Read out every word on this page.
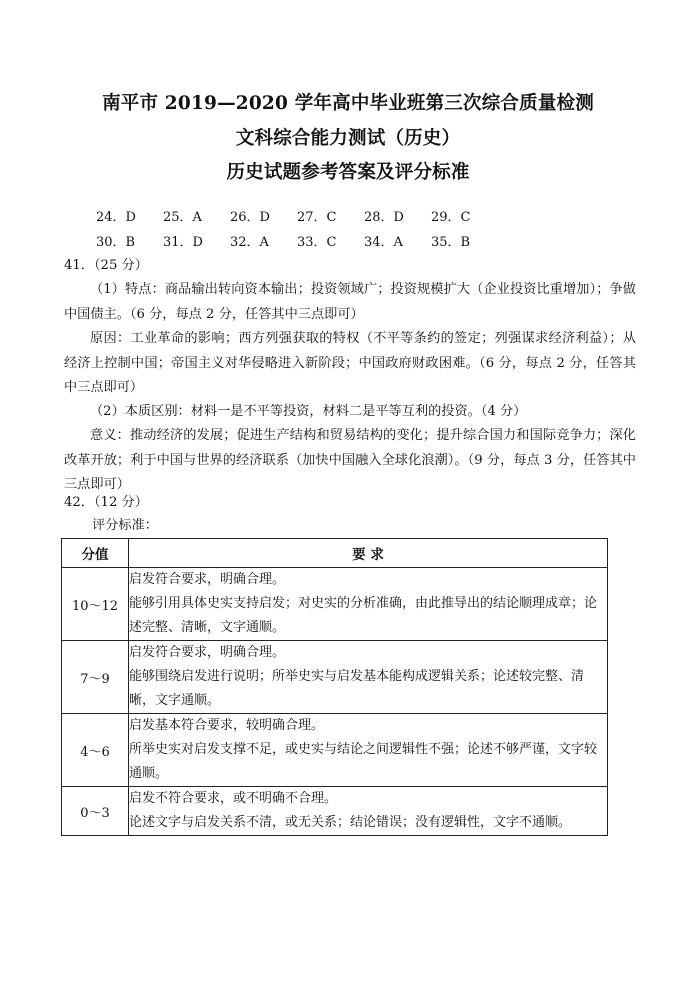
南平市 2019—2020 学年高中毕业班第三次综合质量检测
文科综合能力测试（历史）
历史试题参考答案及评分标准
24．D 25．A 26．D 27．C 28．D 29．C
30．B 31．D 32．A 33．C 34．A 35．B
41．（25 分）
（1）特点：商品输出转向资本输出；投资领域广；投资规模扩大（企业投资比重增加）；争做中国债主。（6 分，每点 2 分，任答其中三点即可）
原因：工业革命的影响；西方列强获取的特权（不平等条约的签定；列强谋求经济利益）；从经济上控制中国；帝国主义对华侵略进入新阶段；中国政府财政困难。（6 分，每点 2 分，任答其中三点即可）
（2）本质区别：材料一是不平等投资，材料二是平等互利的投资。（4 分）
意义：推动经济的发展；促进生产结构和贸易结构的变化；提升综合国力和国际竞争力；深化改革开放；利于中国与世界的经济联系（加快中国融入全球化浪潮）。（9 分，每点 3 分，任答其中三点即可）
42．（12 分）
评分标准：
分值	要 求
10～12	启发符合要求，明确合理。
能够引用具体史实支持启发；对史实的分析准确，由此推导出的结论顺理成章；论述完整、清晰，文字通顺。

7～9	启发符合要求，明确合理。
能够围绕启发进行说明；所举史实与启发基本能构成逻辑关系；论述较完整、清晰，文字通顺。

4～6	启发基本符合要求，较明确合理。
所举史实对启发支撑不足，或史实与结论之间逻辑性不强；论述不够严谨，文字较通顺。

0～3	启发不符合要求，或不明确不合理。
论述文字与启发关系不清，或无关系；结论错误；没有逻辑性，文字不通顺。
